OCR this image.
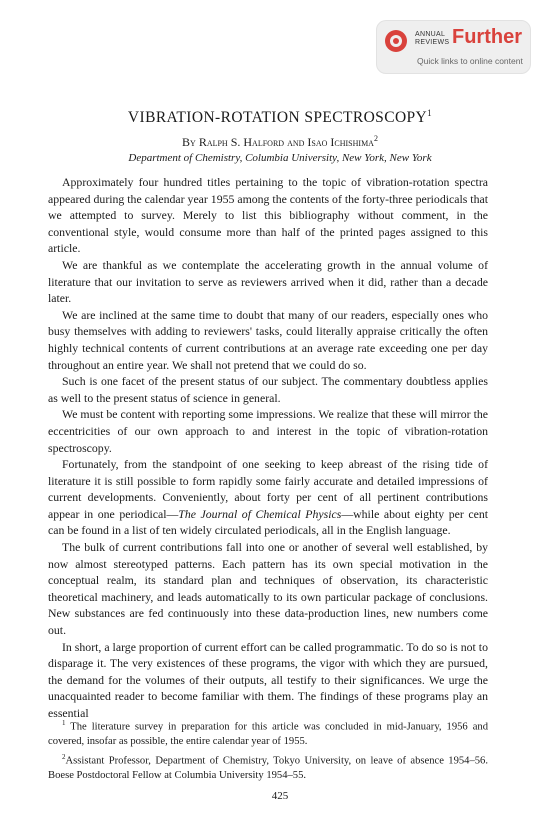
ANNUAL
REVIEWS Further
Quick links to online content
VIBRATION-ROTATION SPECTROSCOPY$^1$
By Ralph S. Halford and Isao Ichishima$^2$
Department of Chemistry, Columbia University, New York, New York

Approximately four hundred titles pertaining to the topic of vibration-rotation spectra appeared during the calendar year 1955 among the contents of the forty-three periodicals that we attempted to survey. Merely to list this bibliography without comment, in the conventional style, would consume more than half of the printed pages assigned to this article.

We are thankful as we contemplate the accelerating growth in the annual volume of literature that our invitation to serve as reviewers arrived when it did, rather than a decade later.

We are inclined at the same time to doubt that many of our readers, especially ones who busy themselves with adding to reviewers' tasks, could literally appraise critically the often highly technical contents of current contributions at an average rate exceeding one per day throughout an entire year. We shall not pretend that we could do so.

Such is one facet of the present status of our subject. The commentary doubtless applies as well to the present status of science in general.

We must be content with reporting some impressions. We realize that these will mirror the eccentricities of our own approach to and interest in the topic of vibration-rotation spectroscopy.

Fortunately, from the standpoint of one seeking to keep abreast of the rising tide of literature it is still possible to form rapidly some fairly accurate and detailed impressions of current developments. Conveniently, about forty per cent of all pertinent contributions appear in one periodical—The Journal of Chemical Physics—while about eighty per cent can be found in a list of ten widely circulated periodicals, all in the English language.

The bulk of current contributions fall into one or another of several well established, by now almost stereotyped patterns. Each pattern has its own special motivation in the conceptual realm, its standard plan and techniques of observation, its characteristic theoretical machinery, and leads automatically to its own particular package of conclusions. New substances are fed continuously into these data-production lines, new numbers come out.

In short, a large proportion of current effort can be called programmatic. To do so is not to disparage it. The very existences of these programs, the vigor with which they are pursued, the demand for the volumes of their outputs, all testify to their significances. We urge the unacquainted reader to become familiar with them. The findings of these programs play an essential

$^1$ The literature survey in preparation for this article was concluded in mid-January, 1956 and covered, insofar as possible, the entire calendar year of 1955.

$^2$Assistant Professor, Department of Chemistry, Tokyo University, on leave of absence 1954–56. Boese Postdoctoral Fellow at Columbia University 1954–55.

425
